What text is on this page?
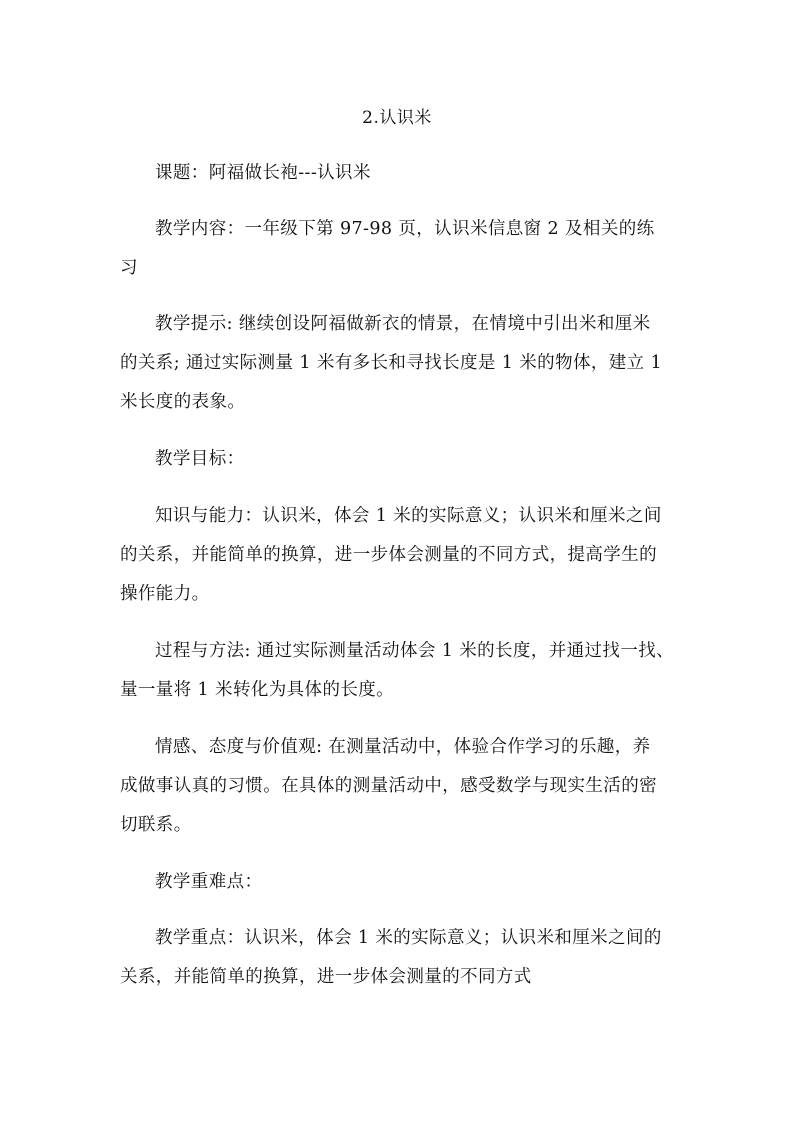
2.认识米
课题：阿福做长袍---认识米
教学内容：一年级下第 97-98 页，认识米信息窗 2 及相关的练
习
教学提示: 继续创设阿福做新衣的情景，在情境中引出米和厘米
的关系; 通过实际测量 1 米有多长和寻找长度是 1 米的物体，建立 1
米长度的表象。
教学目标：
知识与能力：认识米，体会 1 米的实际意义；认识米和厘米之间
的关系，并能简单的换算，进一步体会测量的不同方式，提高学生的
操作能力。
过程与方法: 通过实际测量活动体会 1 米的长度，并通过找一找、
量一量将 1 米转化为具体的长度。
情感、态度与价值观: 在测量活动中，体验合作学习的乐趣，养
成做事认真的习惯。在具体的测量活动中，感受数学与现实生活的密
切联系。
教学重难点：
教学重点：认识米，体会 1 米的实际意义；认识米和厘米之间的
关系，并能简单的换算，进一步体会测量的不同方式
